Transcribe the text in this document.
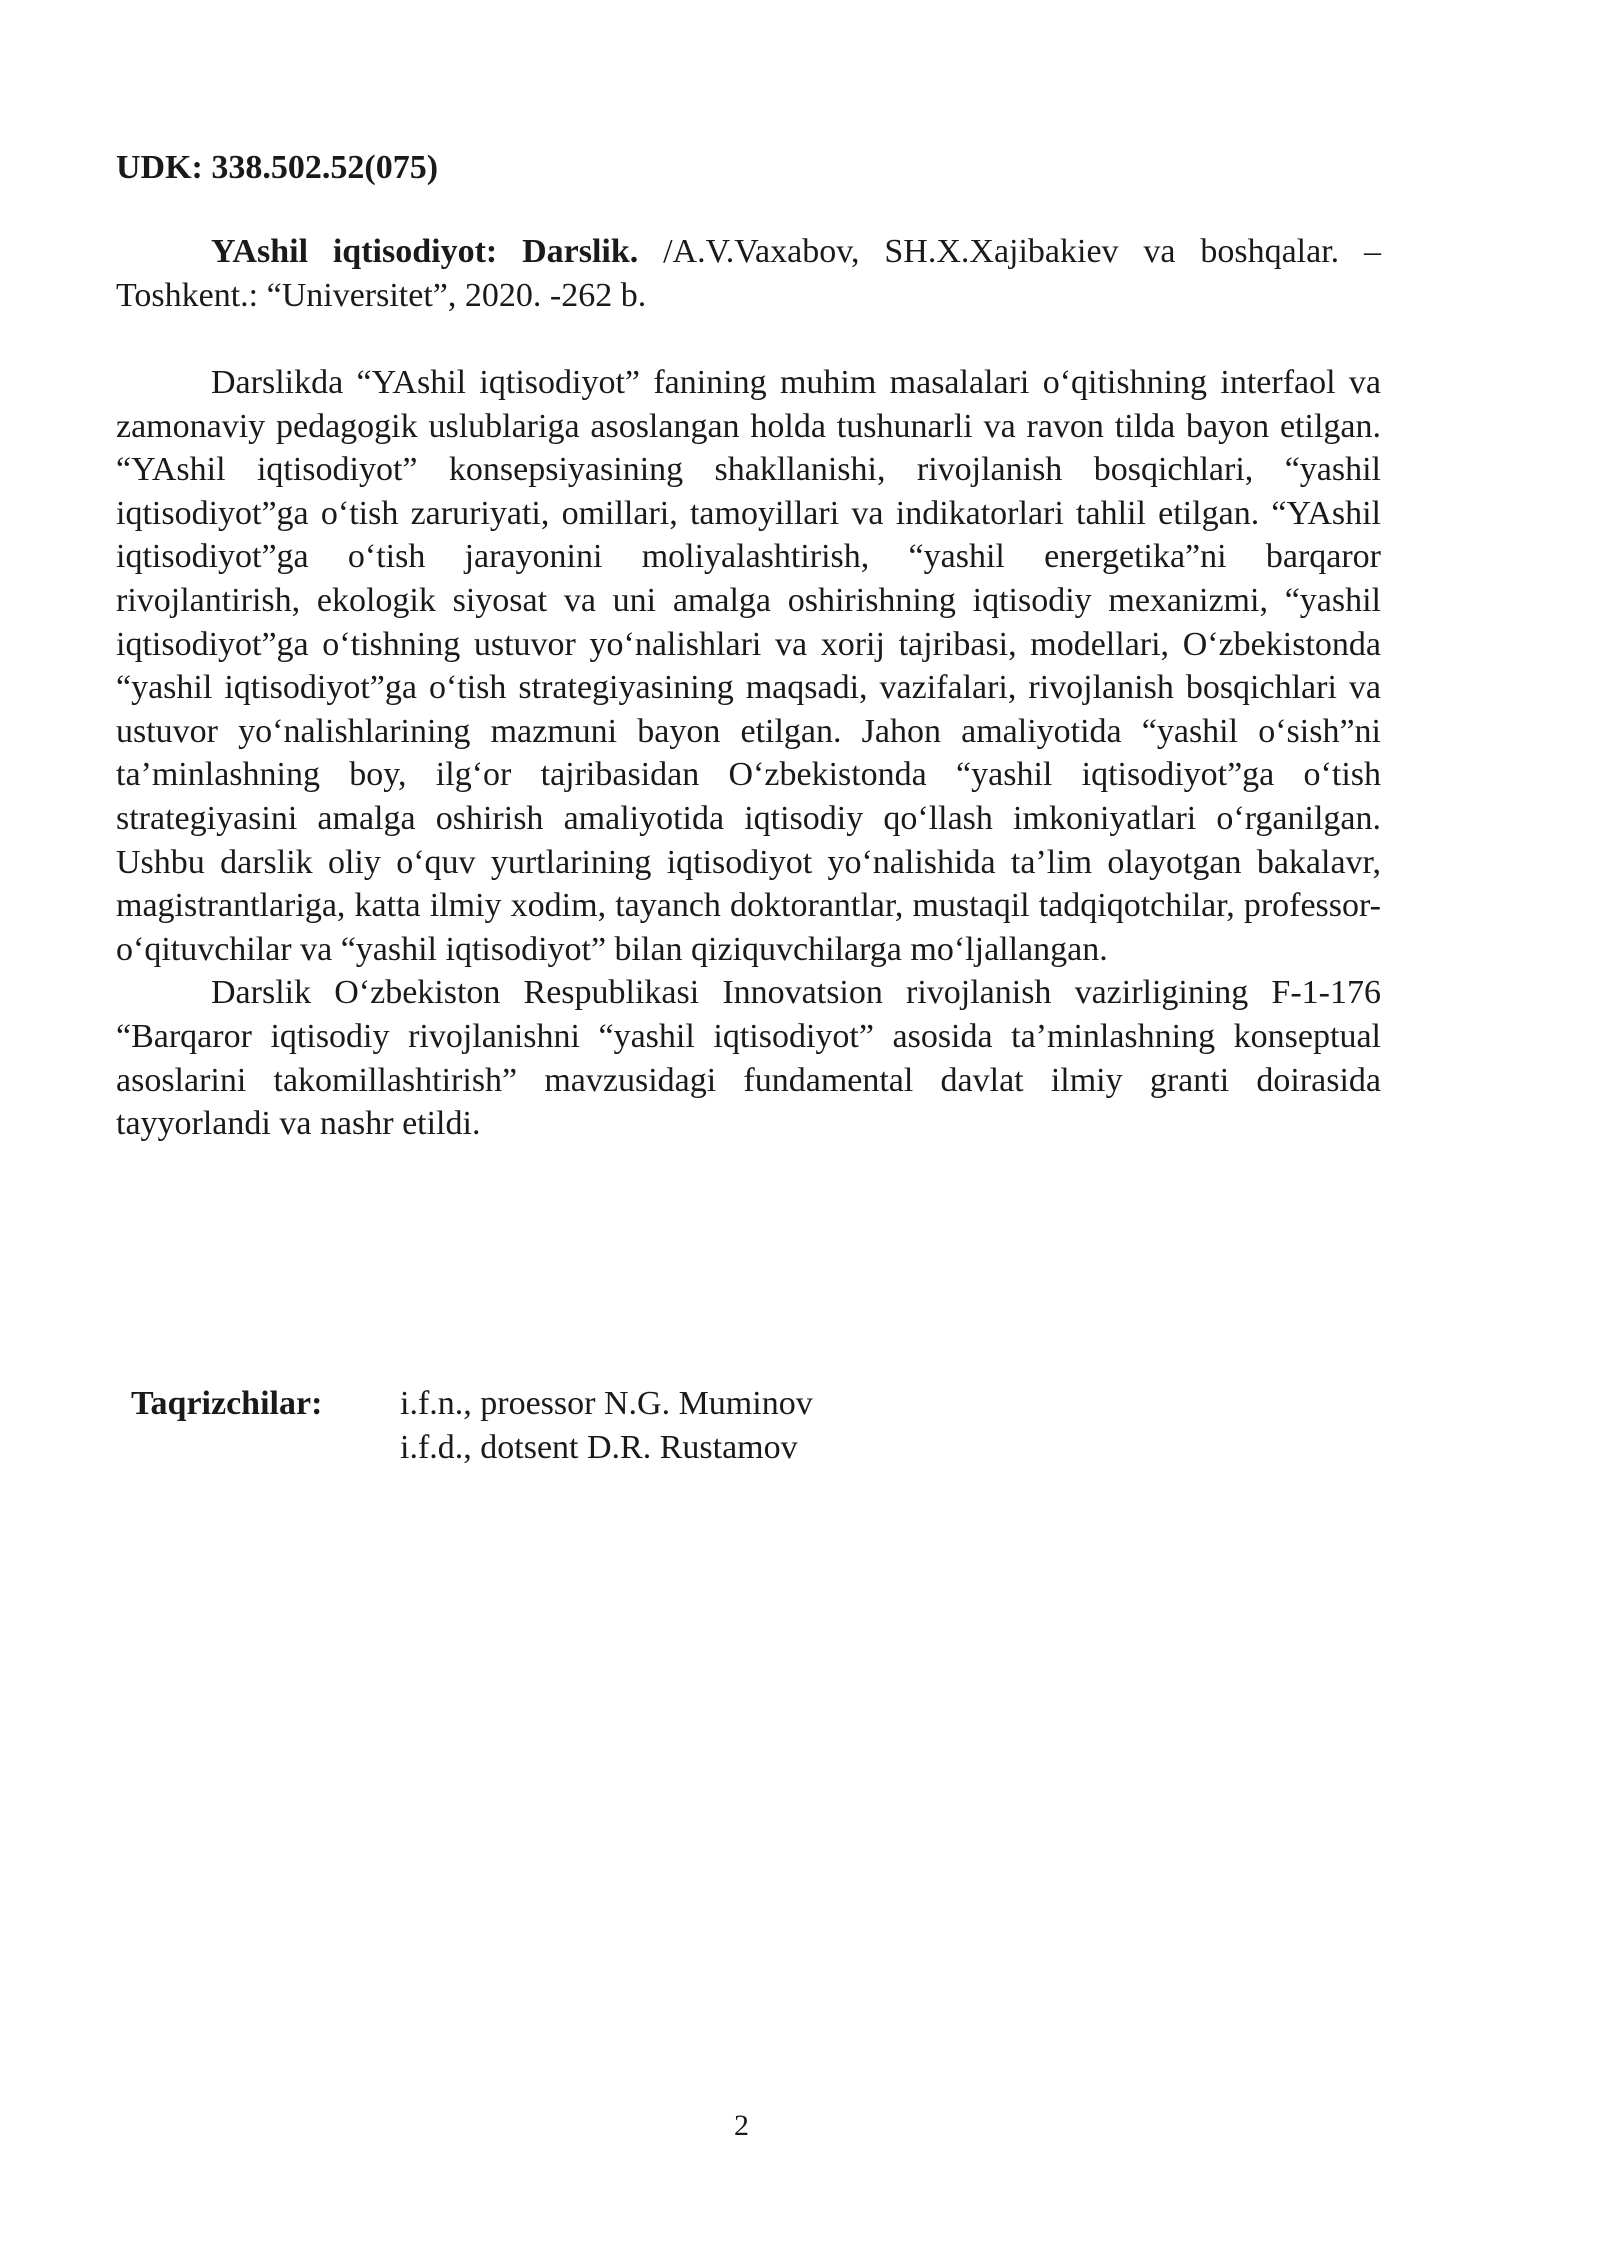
UDK: 338.502.52(075)

YAshil iqtisodiyot: Darslik. /A.V.Vaxabov, SH.X.Xajibakiev va boshqalar. –Toshkent.: “Universitet”, 2020. -262 b.

Darslikda “YAshil iqtisodiyot” fanining muhim masalalari o‘qitishning interfaol va zamonaviy pedagogik uslublariga asoslangan holda tushunarli va ravon tilda bayon etilgan. “YAshil iqtisodiyot” konsepsiyasining shakllanishi, rivojlanish bosqichlari, “yashil iqtisodiyot”ga o‘tish zaruriyati, omillari, tamoyillari va indikatorlari tahlil etilgan. “YAshil iqtisodiyot”ga o‘tish jarayonini moliyalashtirish, “yashil energetika”ni barqaror rivojlantirish, ekologik siyosat va uni amalga oshirishning iqtisodiy mexanizmi, “yashil iqtisodiyot”ga o‘tishning ustuvor yo‘nalishlari va xorij tajribasi, modellari, O‘zbekistonda “yashil iqtisodiyot”ga o‘tish strategiyasining maqsadi, vazifalari, rivojlanish bosqichlari va ustuvor yo‘nalishlarining mazmuni bayon etilgan. Jahon amaliyotida “yashil o‘sish”ni ta’minlashning boy, ilg‘or tajribasidan O‘zbekistonda “yashil iqtisodiyot”ga o‘tish strategiyasini amalga oshirish amaliyotida iqtisodiy qo‘llash imkoniyatlari o‘rganilgan. Ushbu darslik oliy o‘quv yurtlarining iqtisodiyot yo‘nalishida ta’lim olayotgan bakalavr, magistrantlariga, katta ilmiy xodim, tayanch doktorantlar, mustaqil tadqiqotchilar, professor-o‘qituvchilar va “yashil iqtisodiyot” bilan qiziquvchilarga mo‘ljallangan.

Darslik O‘zbekiston Respublikasi Innovatsion rivojlanish vazirligining F-1-176 “Barqaror iqtisodiy rivojlanishni “yashil iqtisodiyot” asosida ta’minlashning konseptual asoslarini takomillashtirish” mavzusidagi fundamental davlat ilmiy granti doirasida tayyorlandi va nashr etildi.

Taqrizchilar: i.f.n., proessor N.G. Muminov
i.f.d., dotsent D.R. Rustamov
2
